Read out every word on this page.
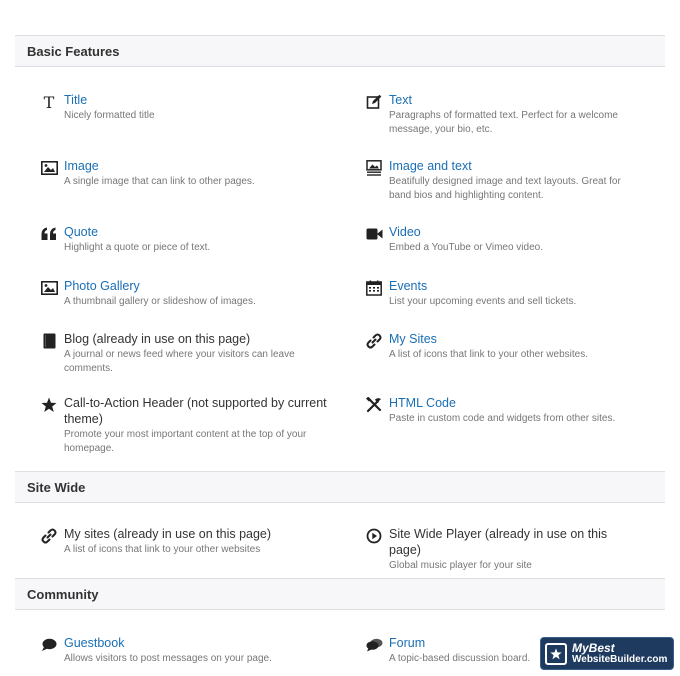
Basic Features
T Title
Nicely formatted title
Text
Paragraphs of formatted text. Perfect for a welcome message, your bio, etc.
Image
A single image that can link to other pages.
Image and text
Beatifully designed image and text layouts. Great for band bios and highlighting content.
Quote
Highlight a quote or piece of text.
Video
Embed a YouTube or Vimeo video.
Photo Gallery
A thumbnail gallery or slideshow of images.
Events
List your upcoming events and sell tickets.
Blog (already in use on this page)
A journal or news feed where your visitors can leave comments.
My Sites
A list of icons that link to your other websites.
Call-to-Action Header (not supported by current theme)
Promote your most important content at the top of your homepage.
HTML Code
Paste in custom code and widgets from other sites.
Site Wide
My sites (already in use on this page)
A list of icons that link to your other websites
Site Wide Player (already in use on this page)
Global music player for your site
Community
Guestbook
Allows visitors to post messages on your page.
Forum
A topic-based discussion board.
MyBest
WebsiteBuilder.com
